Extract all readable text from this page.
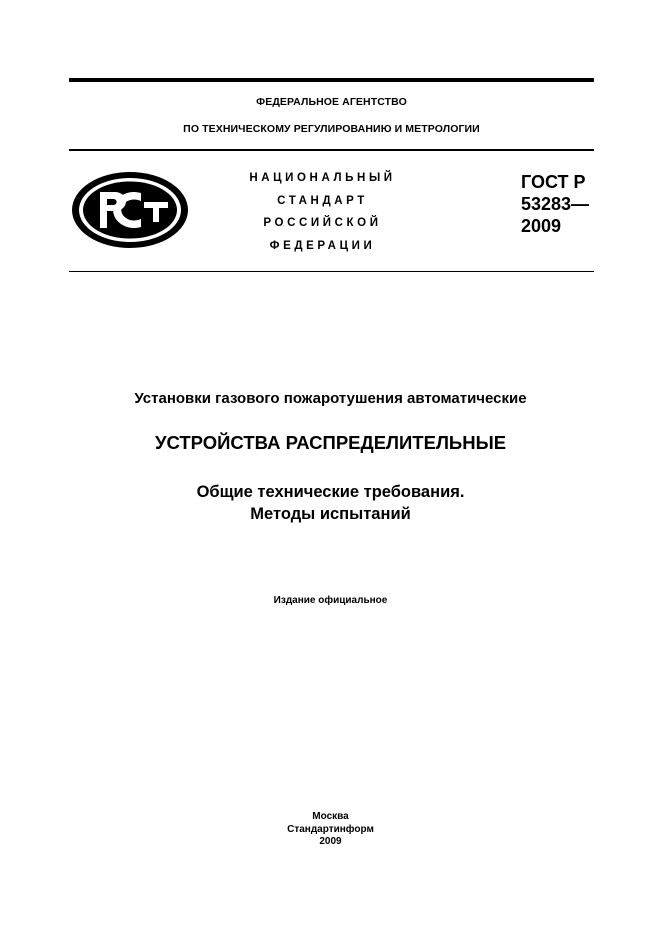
ФЕДЕРАЛЬНОЕ АГЕНТСТВО
ПО ТЕХНИЧЕСКОМУ РЕГУЛИРОВАНИЮ И МЕТРОЛОГИИ
НАЦИОНАЛЬНЫЙ
СТАНДАРТ
РОССИЙСКОЙ
ФЕДЕРАЦИИ
ГОСТ Р
53283—
2009
Установки газового пожаротушения автоматические
УСТРОЙСТВА РАСПРЕДЕЛИТЕЛЬНЫЕ
Общие технические требования.
Методы испытаний
Издание официальное
Москва
Стандартинформ
2009
